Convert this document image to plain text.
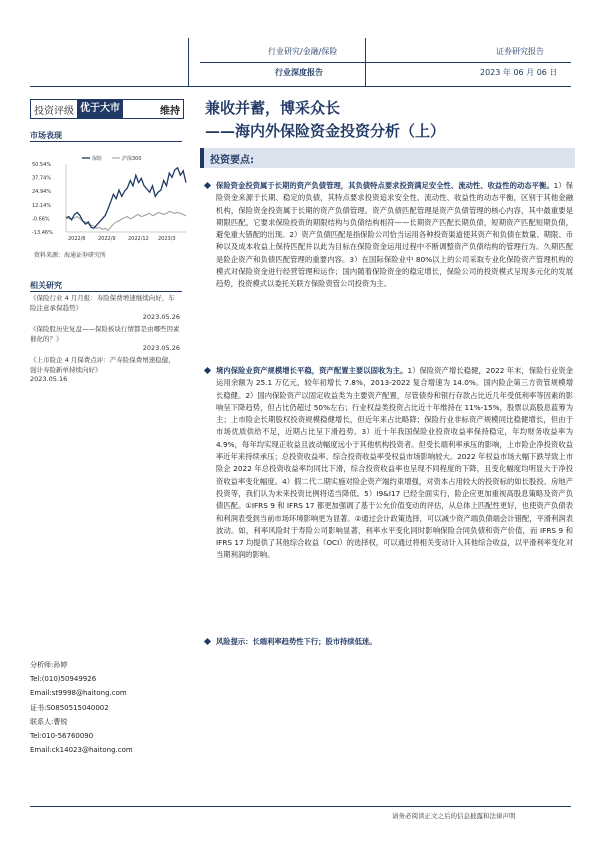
行业研究/金融/保险
行业深度报告
证券研究报告
2023 年 06 月 06 日
投资评级 优于大市	维持 兼收并蓄，博采众长
——海内外保险资金投资分析（上）
市场表现
50.54%
37.74%
24.94%
12.14%
-0.66%
-13.46%
2022/6 2022/9 2022/12 2023/3
保险	沪深300
资料来源：海通证券研究所
相关研究
《保险行业 4 月月报：寿险保费增速继续向好，车险注意承保趋势》
2023.05.26
《保险股历史复盘——保险板块行情都是由哪些因素催化的？》
2023.05.26
《上市险企 4 月保费点评：产寿险保费增速稳健，强计寿险新单持续向好》
2023.05.16
分析师:孙婷
Tel:(010)50949926
Email:st9998@haitong.com
证书:S0850515040002
联系人:曹锐
Tel:010-56760090
Email:ck14023@haitong.com
投资要点:
保险资金投资属于长期的资产负债管理，其负债特点要求投资满足安全性、流动性、收益性的动态平衡。1）保险资金来源于长期、稳定的负债，其特点要求投资追求安全性、流动性、收益性的动态平衡，区别于其他金融机构，保险资金投资属于长期的资产负债管理。资产负债匹配管理是资产负债管理的核心内容，其中最重要是期限匹配，它要求保险投资的期限结构与负债结构相符——长期资产匹配长期负债，短期资产匹配短期负债，避免重大错配的出现。2）资产负债匹配是指保险公司恰当运用各种投资渠道使其资产和负债在数量、期限、币种以及成本收益上保持匹配并以此为目标在保险资金运用过程中不断调整资产负债结构的管理行为。久期匹配是险企资产和负债匹配管理的重要内容。3）在国际保险业中 80%以上的公司采取专业化保险资产管理机构的模式对保险资金进行经营管理和运作；国内随着保险资金的稳定增长，保险公司的投资模式呈现多元化的发展趋势，投资模式以委托关联方保险资管公司投资为主。
境内保险业资产规模增长平稳，资产配置主要以固收为主。1）保险资产增长稳健，2022 年末，保险行业资金运用余额为 25.1 万亿元，较年初增长 7.8%，2013-2022 复合增速为 14.0%。国内险企第三方资管规模增长稳健。2）国内保险资产以固定收益类为主要资产配置，尽管债券和银行存款占比近几年受低利率等因素的影响呈下降趋势，但占比仍超过 50%左右；行业权益类投资占比近十年维持在 11%-15%，股票以高股息蓝筹为主；上市险企长期股权投资规模稳健增长，但近年来占比略降；保险行业非标资产规模同比稳健增长，但由于市场优质供给不足，近期占比呈下滑趋势。3）近十年我国保险业投资收益率保持稳定，年均财务收益率为 4.9%，每年均实现正收益且波动幅度远小于其他机构投资者。但受长端利率承压的影响，上市险企净投资收益率近年来持续承压；总投资收益率、综合投资收益率受权益市场影响较大。2022 年权益市场大幅下跌导致上市险企 2022 年总投资收益率均同比下滑，综合投资收益率也呈现不同程度的下降，且变化幅度均明显大于净投资收益率变化幅度。4）假二代二期实施对险企资产端约束增强，对资本占用较大的投资标的如长股投、房地产投资等，我们认为未来投资比例将适当降低。5）I9&I17 已经全面实行，险企应更加重视高股息策略及资产负债匹配。①IFRS 9 和 IFRS 17 都更加强调了基于公允价值变动的评估，从总体上匹配性更好，也使资产负债表和利润表受到当前市场环境影响更为显著。②通过会计政策选择，可以减少资产端负债端会计错配，平滑利润表波动。如，利率风险时于寿险公司影响显著，利率水平变化同时影响保险合同负债和资产价值，而 IFRS 9 和 IFRS 17 均提供了其他综合收益（OCI）的选择权，可以通过将相关变动计入其他综合收益，以平滑利率变化对当期利润的影响。
风险提示：长端利率趋势性下行；股市持续低迷。
请务必阅读正文之后的信息披露和法律声明
